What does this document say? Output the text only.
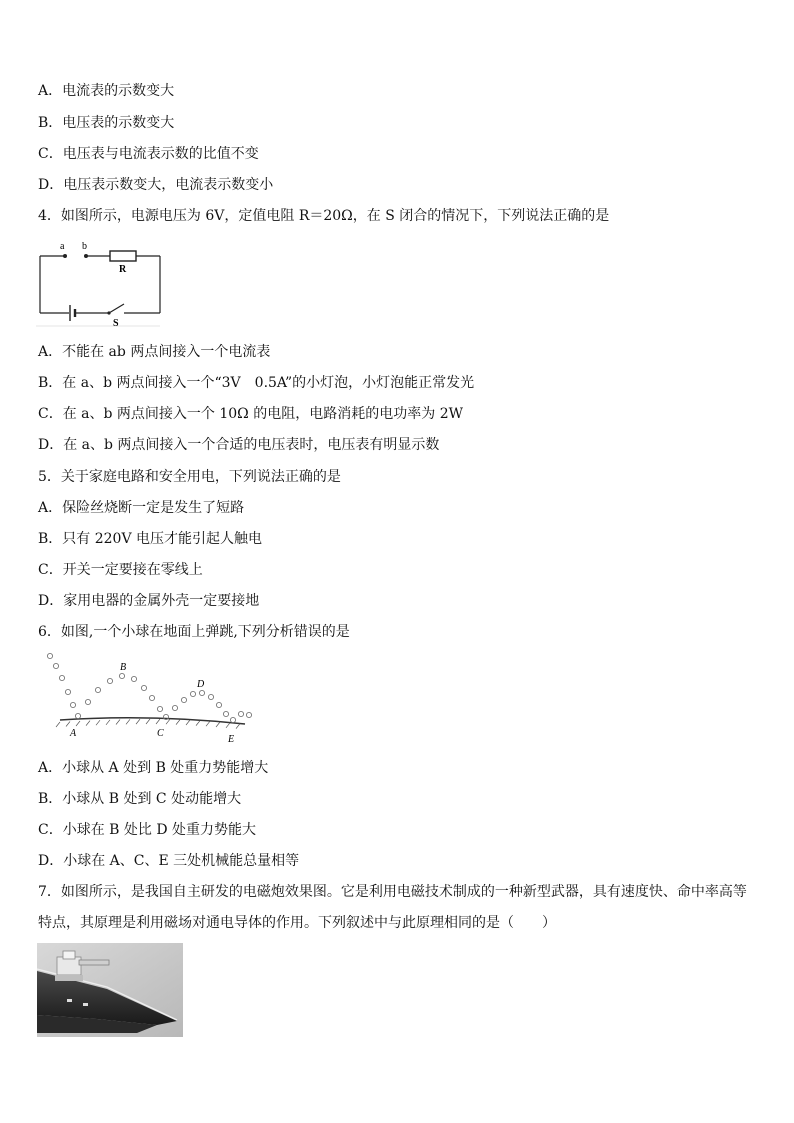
A．电流表的示数变大
B．电压表的示数变大
C．电压表与电流表示数的比值不变
D．电压表示数变大，电流表示数变小
4．如图所示，电源电压为 6V，定值电阻 R＝20Ω，在 S 闭合的情况下，下列说法正确的是
a b
R
S
A．不能在 ab 两点间接入一个电流表
B．在 a、b 两点间接入一个“3V　0.5A”的小灯泡，小灯泡能正常发光
C．在 a、b 两点间接入一个 10Ω 的电阻，电路消耗的电功率为 2W
D．在 a、b 两点间接入一个合适的电压表时，电压表有明显示数
5．关于家庭电路和安全用电，下列说法正确的是
A．保险丝烧断一定是发生了短路
B．只有 220V 电压才能引起人触电
C．开关一定要接在零线上
D．家用电器的金属外壳一定要接地
6．如图,一个小球在地面上弹跳,下列分析错误的是
A
B
C
D
E
A．小球从 A 处到 B 处重力势能增大
B．小球从 B 处到 C 处动能增大
C．小球在 B 处比 D 处重力势能大
D．小球在 A、C、E 三处机械能总量相等
7．如图所示，是我国自主研发的电磁炮效果图。它是利用电磁技术制成的一种新型武器，具有速度快、命中率高等特点，其原理是利用磁场对通电导体的作用。下列叙述中与此原理相同的是（　　）
